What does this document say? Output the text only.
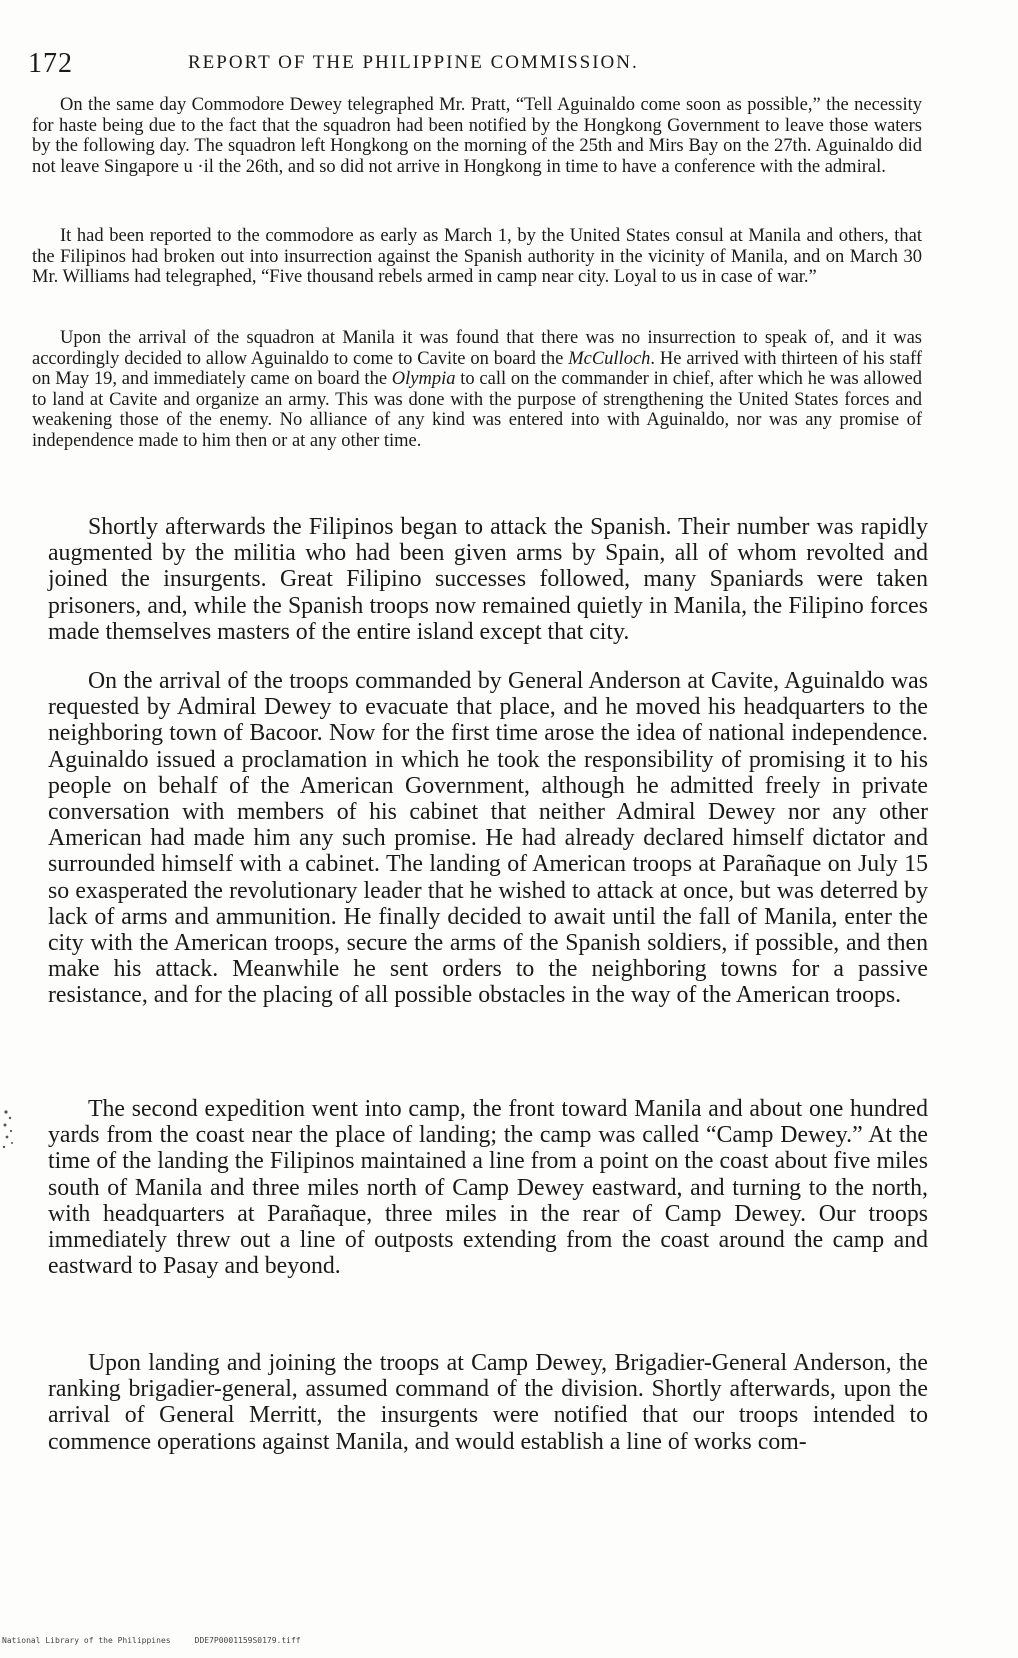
172	REPORT OF THE PHILIPPINE COMMISSION.

On the same day Commodore Dewey telegraphed Mr. Pratt, “Tell Aguinaldo come soon as possible,” the necessity for haste being due to the fact that the squadron had been notified by the Hongkong Government to leave those waters by the following day. The squadron left Hongkong on the morning of the 25th and Mirs Bay on the 27th. Aguinaldo did not leave Singapore u ·il the 26th, and so did not arrive in Hongkong in time to have a conference with the admiral.

It had been reported to the commodore as early as March 1, by the United States consul at Manila and others, that the Filipinos had broken out into insurrection against the Spanish authority in the vicinity of Manila, and on March 30 Mr. Williams had telegraphed, “Five thousand rebels armed in camp near city. Loyal to us in case of war.”

Upon the arrival of the squadron at Manila it was found that there was no insurrection to speak of, and it was accordingly decided to allow Aguinaldo to come to Cavite on board the McCulloch. He arrived with thirteen of his staff on May 19, and immediately came on board the Olympia to call on the commander in chief, after which he was allowed to land at Cavite and organize an army. This was done with the purpose of strengthening the United States forces and weakening those of the enemy. No alliance of any kind was entered into with Aguinaldo, nor was any promise of independence made to him then or at any other time.

Shortly afterwards the Filipinos began to attack the Spanish. Their number was rapidly augmented by the militia who had been given arms by Spain, all of whom revolted and joined the insurgents. Great Filipino successes followed, many Spaniards were taken prisoners, and, while the Spanish troops now remained quietly in Manila, the Filipino forces made themselves masters of the entire island except that city.

On the arrival of the troops commanded by General Anderson at Cavite, Aguinaldo was requested by Admiral Dewey to evacuate that place, and he moved his headquarters to the neighboring town of Bacoor. Now for the first time arose the idea of national independence. Aguinaldo issued a proclamation in which he took the responsibility of promising it to his people on behalf of the American Government, although he admitted freely in private conversation with members of his cabinet that neither Admiral Dewey nor any other American had made him any such promise. He had already declared himself dictator and surrounded himself with a cabinet. The landing of American troops at Parañaque on July 15 so exasperated the revolutionary leader that he wished to attack at once, but was deterred by lack of arms and ammunition. He finally decided to await until the fall of Manila, enter the city with the American troops, secure the arms of the Spanish soldiers, if possible, and then make his attack. Meanwhile he sent orders to the neighboring towns for a passive resistance, and for the placing of all possible obstacles in the way of the American troops.

The second expedition went into camp, the front toward Manila and about one hundred yards from the coast near the place of landing; the camp was called “Camp Dewey.” At the time of the landing the Filipinos maintained a line from a point on the coast about five miles south of Manila and three miles north of Camp Dewey eastward, and turning to the north, with headquarters at Parañaque, three miles in the rear of Camp Dewey. Our troops immediately threw out a line of outposts extending from the coast around the camp and eastward to Pasay and beyond.

Upon landing and joining the troops at Camp Dewey, Brigadier-General Anderson, the ranking brigadier-general, assumed command of the division. Shortly afterwards, upon the arrival of General Merritt, the insurgents were notified that our troops intended to commence operations against Manila, and would establish a line of works com-

National Library of the Philippines     DDE7P0001159S0179.tiff
